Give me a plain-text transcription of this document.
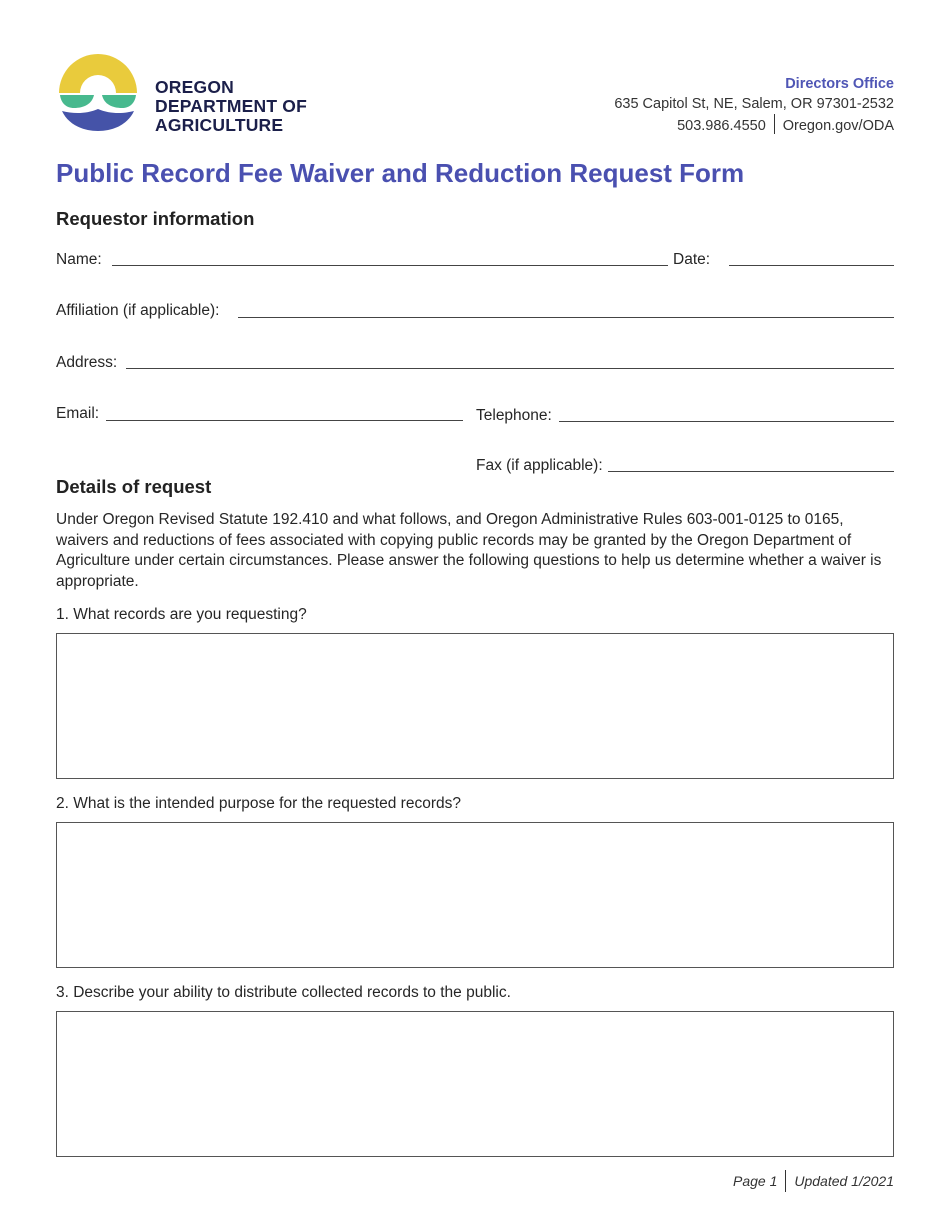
OREGON
DEPARTMENT OF
AGRICULTURE
Directors Office
635 Capitol St, NE, Salem, OR 97301-2532
503.986.4550 Oregon.gov/ODA
Public Record Fee Waiver and Reduction Request Form
Requestor information
Name:	Date:
Affiliation (if applicable):
Address:
Email:	Telephone:
Fax (if applicable):
Details of request
Under Oregon Revised Statute 192.410 and what follows, and Oregon Administrative Rules 603-001-0125 to 0165, waivers and reductions of fees associated with copying public records may be granted by the Oregon Department of Agriculture under certain circumstances. Please answer the following questions to help us determine whether a waiver is appropriate.
1. What records are you requesting?
2. What is the intended purpose for the requested records?
3. Describe your ability to distribute collected records to the public.
Page 1 Updated 1/2021
